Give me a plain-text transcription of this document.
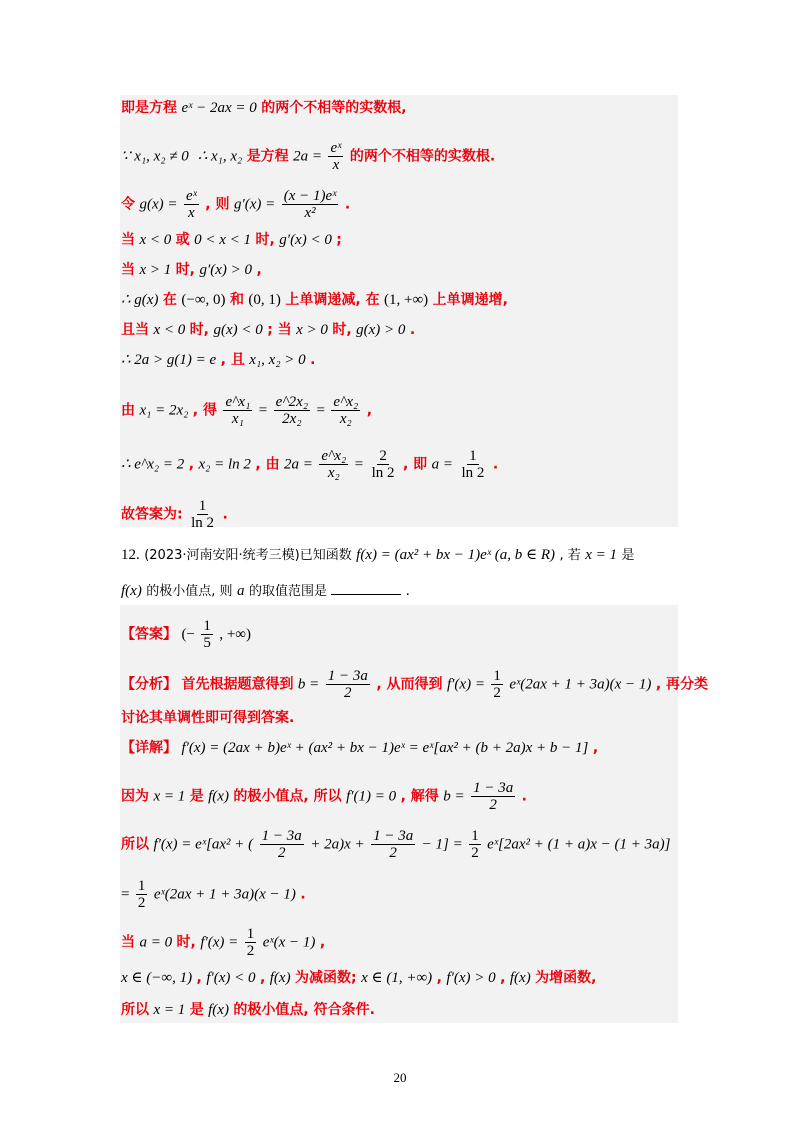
即是方程 eˣ − 2ax = 0 的两个不相等的实数根,
∵ x₁, x₂ ≠ 0 ∴ x₁, x₂ 是方程 $2a = \frac{\text{eˣ}}{x}$ 的两个不相等的实数根.
令 $g(x) = \frac{\text{eˣ}}{x}$ , 则 $g'(x) = \frac{\text{(x − 1)eˣ}}{\text{x²}}$ .
当 x < 0 或 0 < x < 1 时, g′(x) < 0 ;
当 x > 1 时, g′(x) > 0 ,
∴ g(x) 在 (−∞, 0) 和 (0, 1) 上单调递减, 在 (1, +∞) 上单调递增,
且当 x < 0 时, g(x) < 0 ; 当 x > 0 时, g(x) > 0 .
∴ 2a > g(1) = e , 且 x₁, x₂ > 0 .
由 x₁ = 2x₂ , 得 $\frac{\text{e\textasciicircum{}x₁}}{\text{x₁}} = \frac{\text{e\textasciicircum{}2x₂}}{\text{2x₂}} = \frac{\text{e\textasciicircum{}x₂}}{\text{x₂}}$ ,
∴ e^x₂ = 2 , x₂ = ln 2 , 由 $2a = \frac{\text{e\textasciicircum{}x₂}}{\text{x₂}} = \frac{2}{\ln 2}$ , 即 $a = \frac{1}{\ln 2}$ .
故答案为: $\frac{1}{\ln 2}$ .
12. (2023·河南安阳·统考三模)已知函数 f(x) = (ax² + bx − 1)eˣ (a, b ∈ R) , 若 x = 1 是
f(x) 的极小值点, 则 a 的取值范围是	.
【答案】 (− $\frac{1}{5}$ , +∞)
【分析】 首先根据题意得到 $b = \frac{1 - 3a}{2}$ , 从而得到 $f'(x) = \frac{1}{2}$ eˣ(2ax + 1 + 3a)(x − 1) , 再分类
讨论其单调性即可得到答案.
【详解】 f′(x) = (2ax + b)eˣ + (ax² + bx − 1)eˣ = eˣ[ax² + (b + 2a)x + b − 1] ,
因为 x = 1 是 f(x) 的极小值点, 所以 f′(1) = 0 , 解得 $b = \frac{1 - 3a}{2}$ .
所以 f′(x) = eˣ[ax² + ( $\frac{1 - 3a}{2} + 2a)x + \frac{1 - 3a}{2} - 1] = \frac{1}{2}$ eˣ[2ax² + (1 + a)x − (1 + 3a)]
= $\frac{1}{2}$ eˣ(2ax + 1 + 3a)(x − 1) .
当 a = 0 时, $f'(x) = \frac{1}{2}$ eˣ(x − 1) ,
x ∈ (−∞, 1) , f′(x) < 0 , f(x) 为减函数; x ∈ (1, +∞) , f′(x) > 0 , f(x) 为增函数,
所以 x = 1 是 f(x) 的极小值点, 符合条件.
20
